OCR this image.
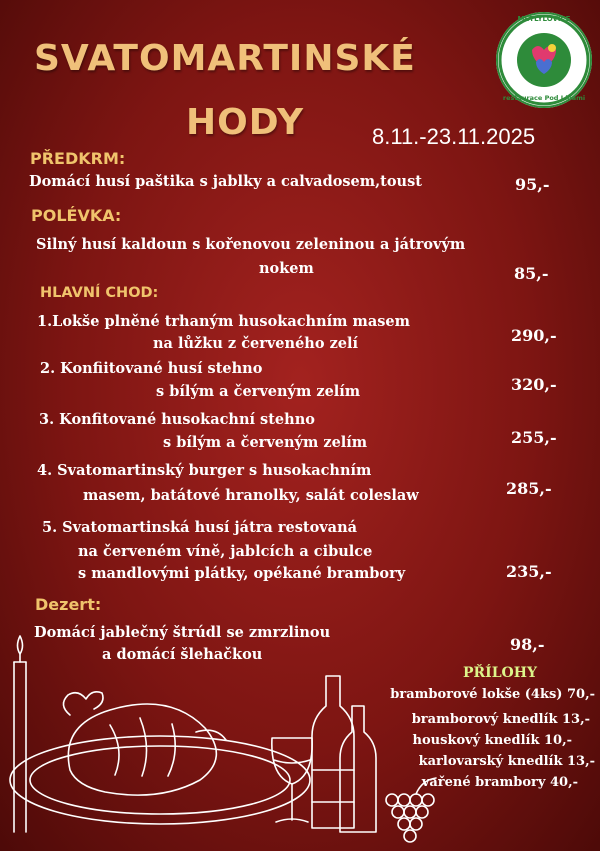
SVATOMARTINSKÉ
HODY	8.11.-23.11.2025
METLYLOVICE
restaurace Pod Lípami
PŘEDKRM:
Domácí husí paštika s jablky a calvadosem,toust	95,-
POLÉVKA:
Silný husí kaldoun s kořenovou zeleninou a játrovým
nokem	85,-
HLAVNÍ CHOD:
1.Lokše plněné trhaným husokachním masem
na lůžku z červeného zelí	290,-
2. Konfiitované husí stehno
s bílým a červeným zelím	320,-
3. Konfitované husokachní stehno
s bílým a červeným zelím	255,-
4. Svatomartinský burger s husokachním
masem, batátové hranolky, salát coleslaw	285,-
5. Svatomartinská husí játra restovaná
na červeném víně, jablcích a cibulce
s mandlovými plátky, opékané brambory	235,-
Dezert:
Domácí jablečný štrúdl se zmrzlinou
a domácí šlehačkou
98,-
PŘÍLOHY
bramborové lokše (4ks) 70,-
bramborový knedlík 13,-
houskový knedlík 10,-
karlovarský knedlík 13,-
vařené brambory 40,-
